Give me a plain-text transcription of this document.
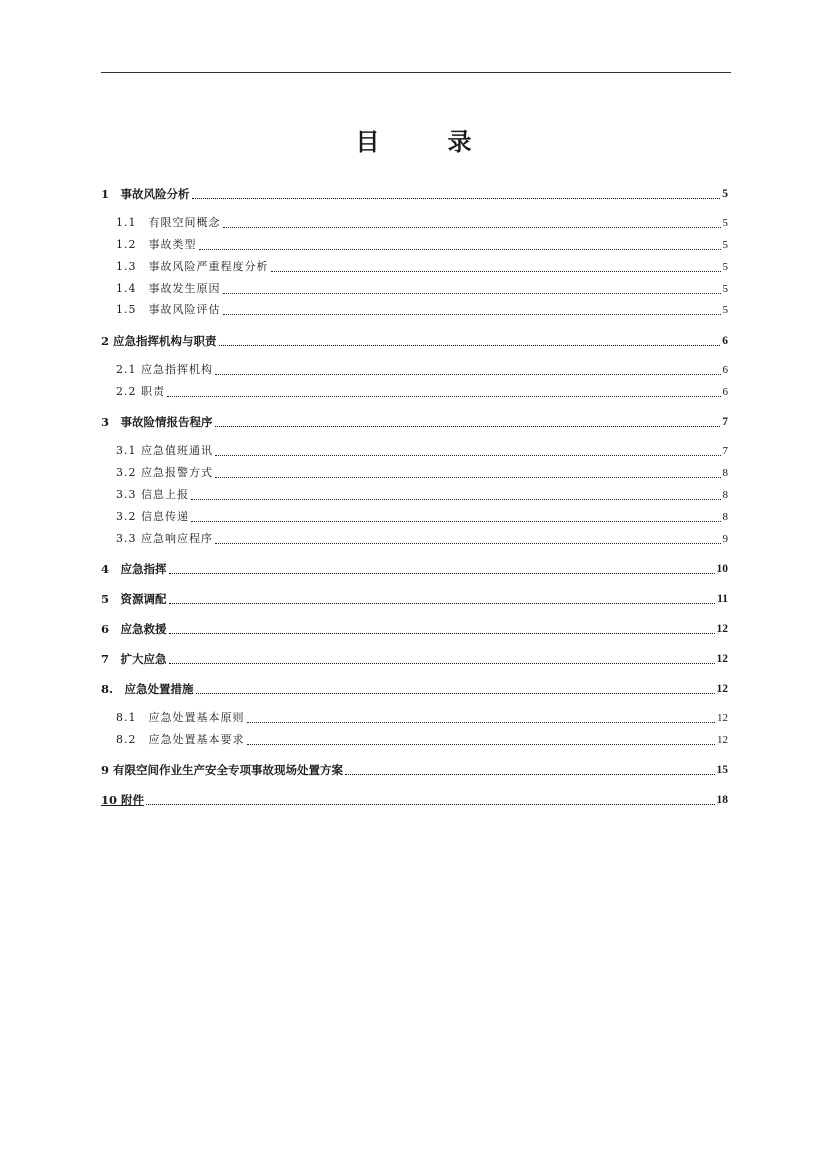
目　录
1　事故风险分析	5
1.1　有限空间概念	5
1.2　事故类型	5
1.3　事故风险严重程度分析	5
1.4　事故发生原因	5
1.5　事故风险评估	5
2 应急指挥机构与职责	6
2.1 应急指挥机构	6
2.2 职责	6
3　事故险情报告程序	7
3.1 应急值班通讯	7
3.2 应急报警方式	8
3.3 信息上报	8
3.2 信息传递	8
3.3 应急响应程序	9
4　应急指挥	10
5　资源调配	11
6　应急救援	12
7　扩大应急	12
8.　应急处置措施	12
8.1　应急处置基本原则	12
8.2　应急处置基本要求	12
9 有限空间作业生产安全专项事故现场处置方案	15
10 附件	18
